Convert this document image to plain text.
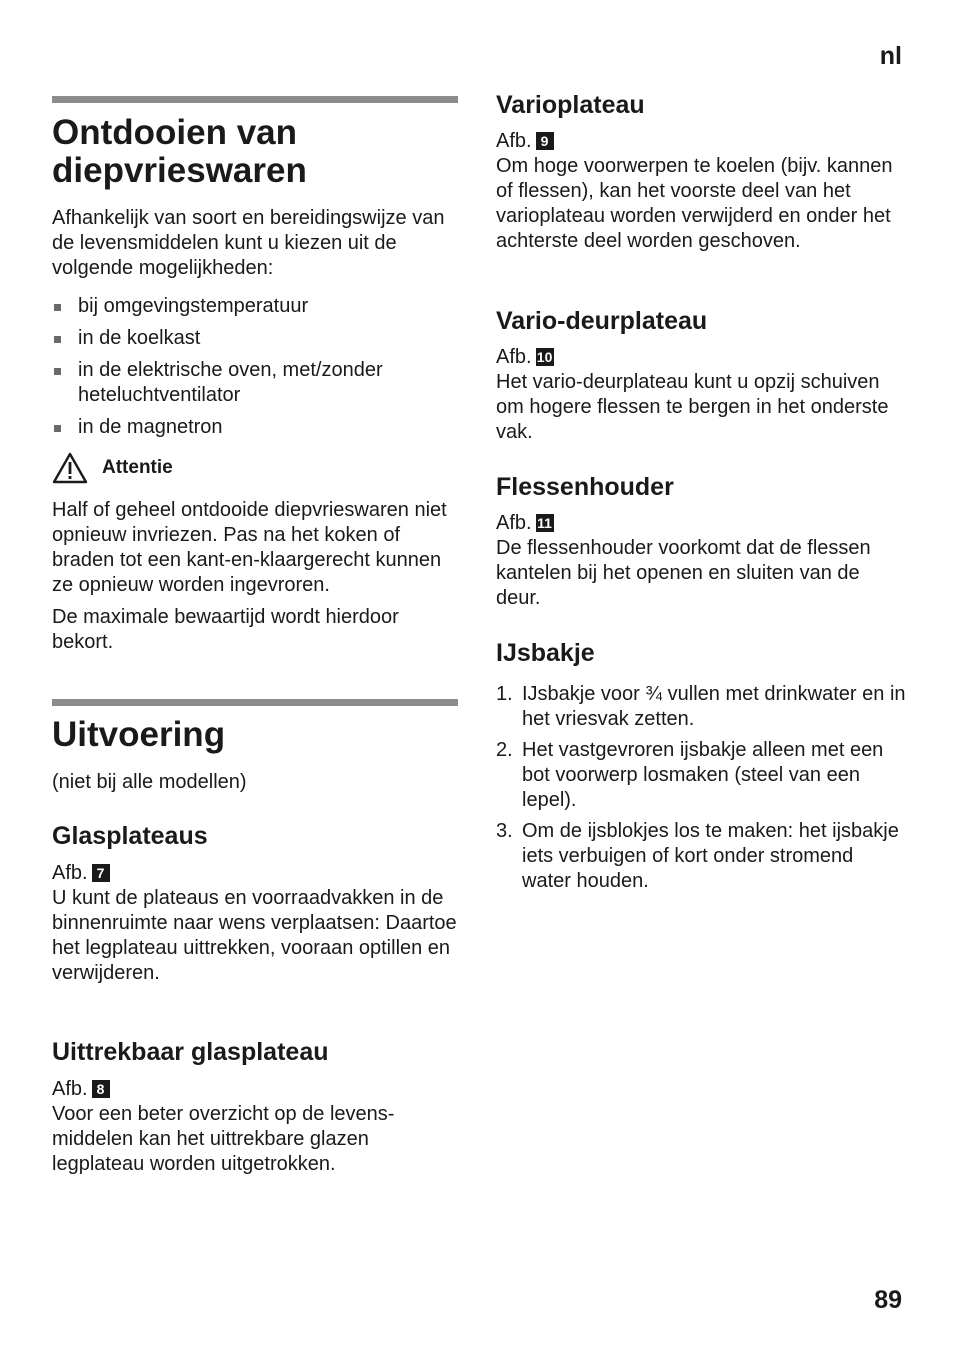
nl
Ontdooien van
diepvrieswaren

Afhankelijk van soort en bereidingswijze van de levensmiddelen kunt u kiezen uit de volgende mogelijkheden:

bij omgevingstemperatuur
in de koelkast
in de elektrische oven, met/zonder heteluchtventilator
in de magnetron
Attentie

Half of geheel ontdooide diepvrieswaren niet opnieuw invriezen. Pas na het koken of braden tot een kant-en-klaargerecht kunnen ze opnieuw worden ingevroren.

De maximale bewaartijd wordt hierdoor bekort.

Uitvoering

(niet bij alle modellen)

Glasplateaus

Afb. 7

U kunt de plateaus en voorraadvakken in de binnenruimte naar wens verplaatsen: Daartoe het legplateau uittrekken, vooraan optillen en verwijderen.

Uittrekbaar glasplateau

Afb. 8

Voor een beter overzicht op de levens- middelen kan het uittrekbare glazen legplateau worden uitgetrokken.

Varioplateau

Afb. 9

Om hoge voorwerpen te koelen (bijv. kannen of flessen), kan het voorste deel van het varioplateau worden verwijderd en onder het achterste deel worden geschoven.

Vario-deurplateau

Afb. 10

Het vario-deurplateau kunt u opzij schuiven om hogere flessen te bergen in het onderste vak.

Flessenhouder

Afb. 11

De flessenhouder voorkomt dat de flessen kantelen bij het openen en sluiten van de deur.

IJsbakje
1. IJsbakje voor ¾ vullen met drinkwater en in het vriesvak zetten.
2. Het vastgevroren ijsbakje alleen met een bot voorwerp losmaken (steel van een lepel).
3. Om de ijsblokjes los te maken: het ijsbakje iets verbuigen of kort onder stromend water houden.
89
